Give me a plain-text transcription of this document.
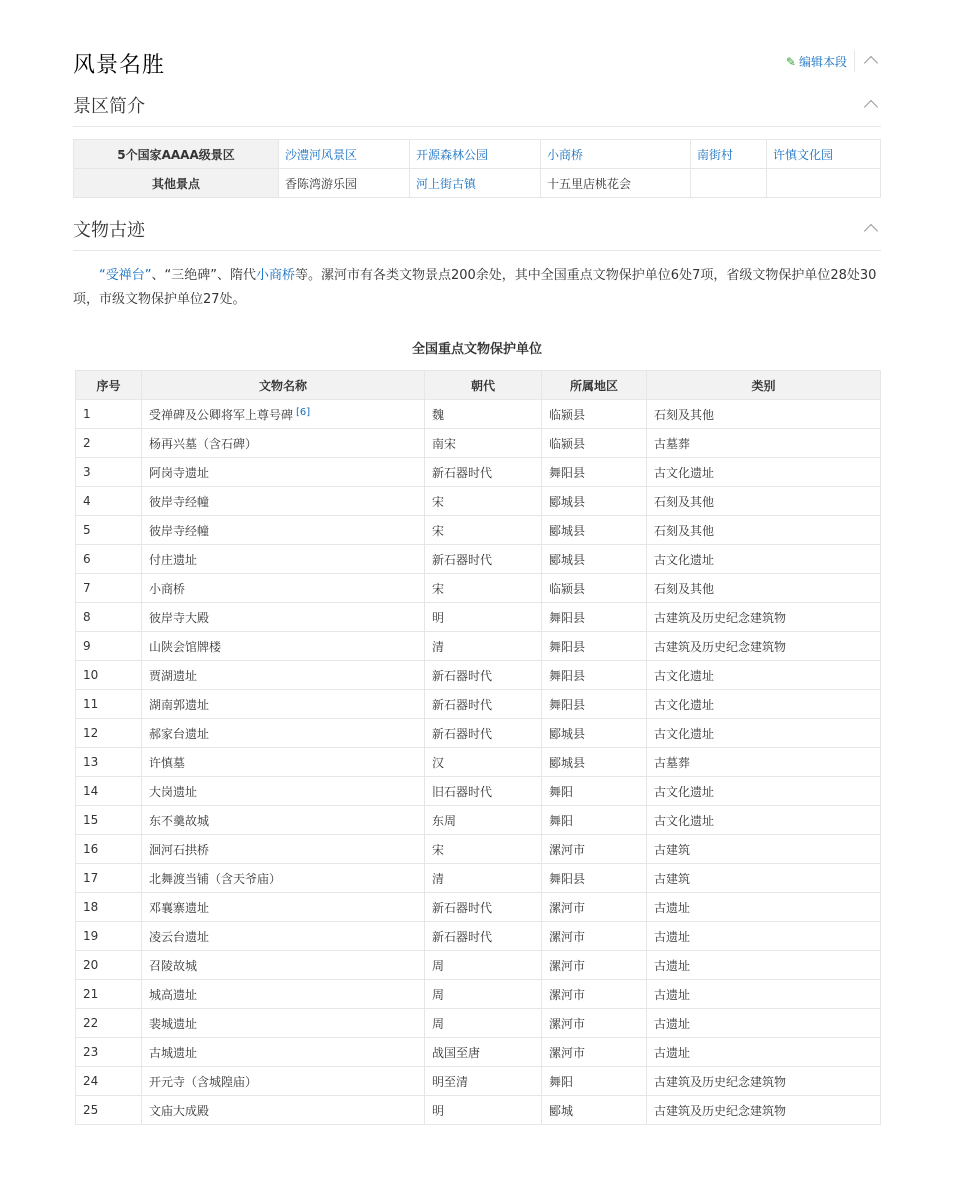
风景名胜	✎ 编辑本段
景区简介
5个国家AAAA级景区	沙澧河风景区	开源森林公园	小商桥	南街村	许慎文化园
其他景点	香陈湾游乐园	河上街古镇	十五里店桃花会		
文物古迹

“受禅台”、“三绝碑”、隋代小商桥等。漯河市有各类文物景点200余处，其中全国重点文物保护单位6处7项，省级文物保护单位28处30项，市级文物保护单位27处。

全国重点文物保护单位
序号	文物名称	朝代	所属地区	类别
1	受禅碑及公卿将军上尊号碑 [6]	魏	临颍县	石刻及其他
2	杨再兴墓（含石碑）	南宋	临颍县	古墓葬
3	阿岗寺遗址	新石器时代	舞阳县	古文化遗址
4	彼岸寺经幢	宋	郾城县	石刻及其他
5	彼岸寺经幢	宋	郾城县	石刻及其他
6	付庄遗址	新石器时代	郾城县	古文化遗址
7	小商桥	宋	临颍县	石刻及其他
8	彼岸寺大殿	明	舞阳县	古建筑及历史纪念建筑物
9	山陕会馆牌楼	清	舞阳县	古建筑及历史纪念建筑物
10	贾湖遗址	新石器时代	舞阳县	古文化遗址
11	湖南郭遗址	新石器时代	舞阳县	古文化遗址
12	郝家台遗址	新石器时代	郾城县	古文化遗址
13	许慎墓	汉	郾城县	古墓葬
14	大岗遗址	旧石器时代	舞阳	古文化遗址
15	东不羹故城	东周	舞阳	古文化遗址
16	洄河石拱桥	宋	漯河市	古建筑
17	北舞渡当铺（含天爷庙）	清	舞阳县	古建筑
18	邓襄寨遗址	新石器时代	漯河市	古遗址
19	凌云台遗址	新石器时代	漯河市	古遗址
20	召陵故城	周	漯河市	古遗址
21	城高遗址	周	漯河市	古遗址
22	裴城遗址	周	漯河市	古遗址
23	古城遗址	战国至唐	漯河市	古遗址
24	开元寺（含城隍庙）	明至清	舞阳	古建筑及历史纪念建筑物
25	文庙大成殿	明	郾城	古建筑及历史纪念建筑物
